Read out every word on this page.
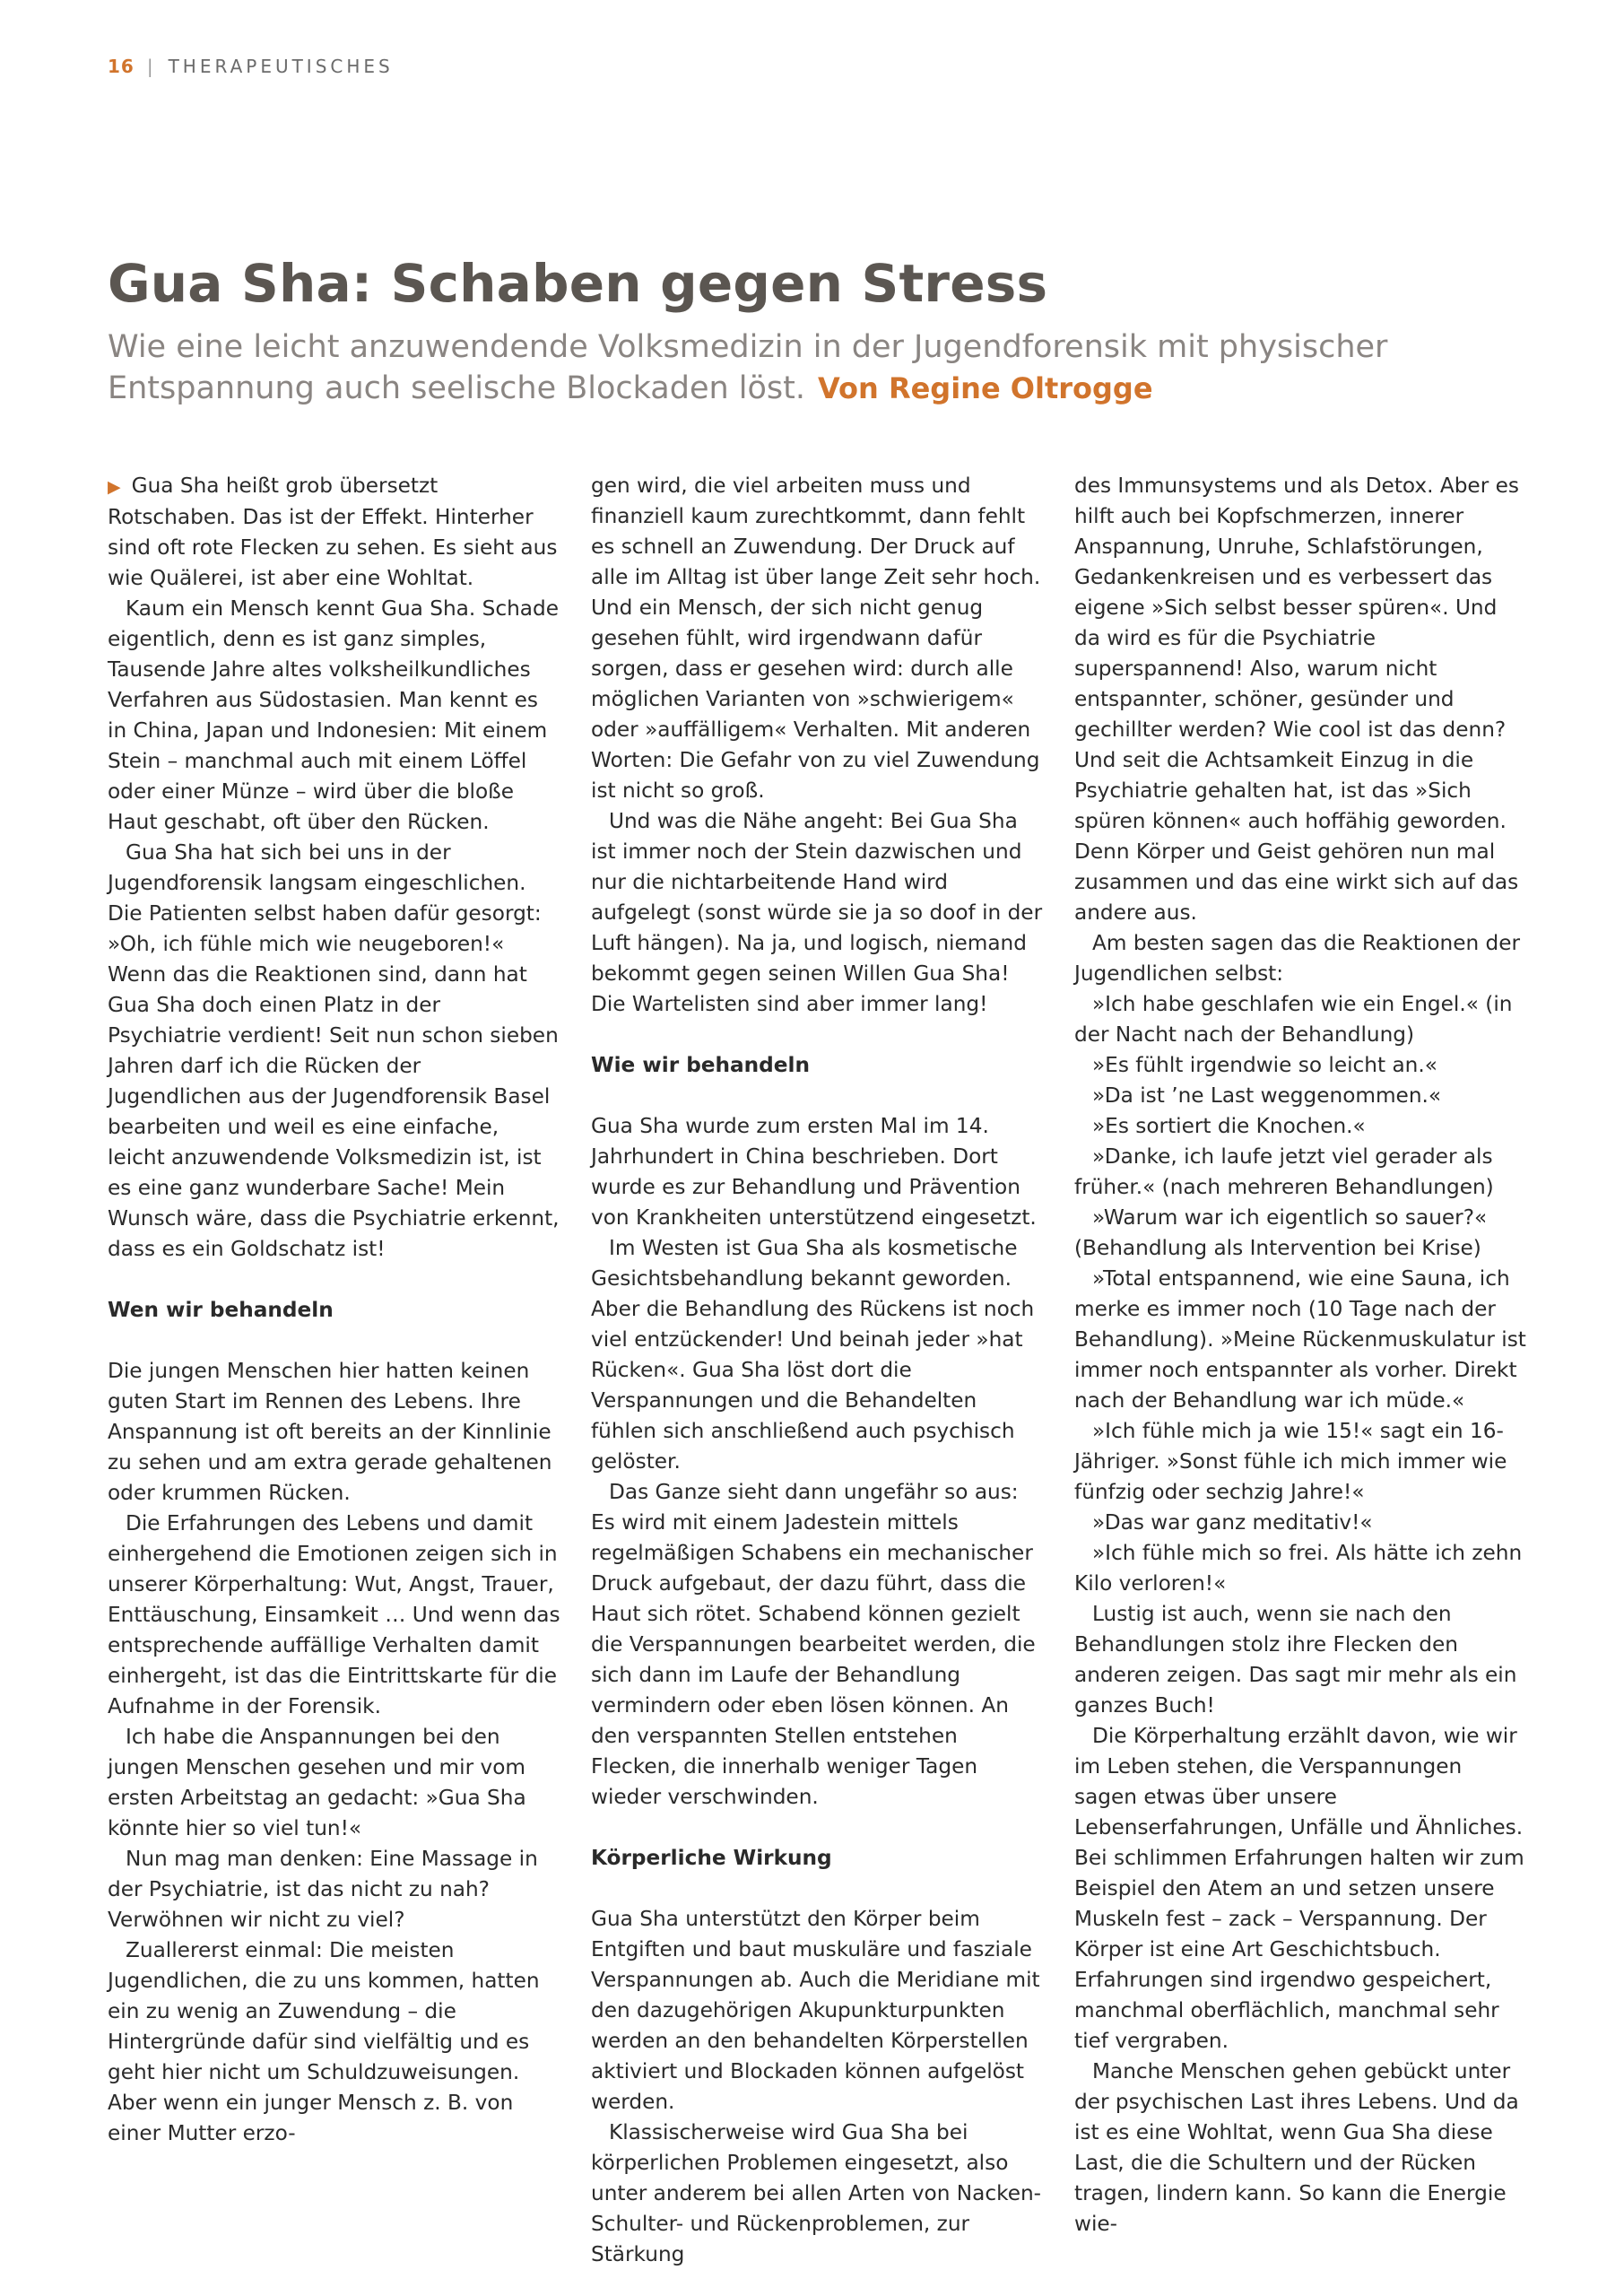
16 | THERAPEUTISCHES
Gua Sha: Schaben gegen Stress

Wie eine leicht anzuwendende Volksmedizin in der Jugendforensik mit physischer Entspannung auch seelische Blockaden löst. Von Regine Oltrogge

▶ Gua Sha heißt grob übersetzt Rotschaben. Das ist der Effekt. Hinterher sind oft rote Flecken zu sehen. Es sieht aus wie Quälerei, ist aber eine Wohltat.

Kaum ein Mensch kennt Gua Sha. Schade eigentlich, denn es ist ganz simples, Tausende Jahre altes volksheilkundliches Verfahren aus Südostasien. Man kennt es in China, Japan und Indonesien: Mit einem Stein – manchmal auch mit einem Löffel oder einer Münze – wird über die bloße Haut geschabt, oft über den Rücken.

Gua Sha hat sich bei uns in der Jugendforensik langsam eingeschlichen. Die Patienten selbst haben dafür gesorgt: »Oh, ich fühle mich wie neugeboren!« Wenn das die Reaktionen sind, dann hat Gua Sha doch einen Platz in der Psychiatrie verdient! Seit nun schon sieben Jahren darf ich die Rücken der Jugendlichen aus der Jugendforensik Basel bearbeiten und weil es eine einfache, leicht anzuwendende Volksmedizin ist, ist es eine ganz wunderbare Sache! Mein Wunsch wäre, dass die Psychiatrie erkennt, dass es ein Goldschatz ist!

Wen wir behandeln

Die jungen Menschen hier hatten keinen guten Start im Rennen des Lebens. Ihre Anspannung ist oft bereits an der Kinnlinie zu sehen und am extra gerade gehaltenen oder krummen Rücken.

Die Erfahrungen des Lebens und damit einhergehend die Emotionen zeigen sich in unserer Körperhaltung: Wut, Angst, Trauer, Enttäuschung, Einsamkeit … Und wenn das entsprechende auffällige Verhalten damit einhergeht, ist das die Eintrittskarte für die Aufnahme in der Forensik.

Ich habe die Anspannungen bei den jungen Menschen gesehen und mir vom ersten Arbeitstag an gedacht: »Gua Sha könnte hier so viel tun!«

Nun mag man denken: Eine Massage in der Psychiatrie, ist das nicht zu nah? Verwöhnen wir nicht zu viel?

Zuallererst einmal: Die meisten Jugendlichen, die zu uns kommen, hatten ein zu wenig an Zuwendung – die Hintergründe dafür sind vielfältig und es geht hier nicht um Schuldzuweisungen. Aber wenn ein junger Mensch z. B. von einer Mutter erzo-

gen wird, die viel arbeiten muss und finanziell kaum zurechtkommt, dann fehlt es schnell an Zuwendung. Der Druck auf alle im Alltag ist über lange Zeit sehr hoch. Und ein Mensch, der sich nicht genug gesehen fühlt, wird irgendwann dafür sorgen, dass er gesehen wird: durch alle möglichen Varianten von »schwierigem« oder »auffälligem« Verhalten. Mit anderen Worten: Die Gefahr von zu viel Zuwendung ist nicht so groß.

Und was die Nähe angeht: Bei Gua Sha ist immer noch der Stein dazwischen und nur die nichtarbeitende Hand wird aufgelegt (sonst würde sie ja so doof in der Luft hängen). Na ja, und logisch, niemand bekommt gegen seinen Willen Gua Sha! Die Wartelisten sind aber immer lang!

Wie wir behandeln

Gua Sha wurde zum ersten Mal im 14. Jahrhundert in China beschrieben. Dort wurde es zur Behandlung und Prävention von Krankheiten unterstützend eingesetzt.

Im Westen ist Gua Sha als kosmetische Gesichtsbehandlung bekannt geworden. Aber die Behandlung des Rückens ist noch viel entzückender! Und beinah jeder »hat Rücken«. Gua Sha löst dort die Verspannungen und die Behandelten fühlen sich anschließend auch psychisch gelöster.

Das Ganze sieht dann ungefähr so aus: Es wird mit einem Jadestein mittels regelmäßigen Schabens ein mechanischer Druck aufgebaut, der dazu führt, dass die Haut sich rötet. Schabend können gezielt die Verspannungen bearbeitet werden, die sich dann im Laufe der Behandlung vermindern oder eben lösen können. An den verspannten Stellen entstehen Flecken, die innerhalb weniger Tagen wieder verschwinden.

Körperliche Wirkung

Gua Sha unterstützt den Körper beim Entgiften und baut muskuläre und fasziale Verspannungen ab. Auch die Meridiane mit den dazugehörigen Akupunkturpunkten werden an den behandelten Körperstellen aktiviert und Blockaden können aufgelöst werden.

Klassischerweise wird Gua Sha bei körperlichen Problemen eingesetzt, also unter anderem bei allen Arten von Nacken-Schulter- und Rückenproblemen, zur Stärkung

des Immunsystems und als Detox. Aber es hilft auch bei Kopfschmerzen, innerer Anspannung, Unruhe, Schlafstörungen, Gedankenkreisen und es verbessert das eigene »Sich selbst besser spüren«. Und da wird es für die Psychiatrie superspannend! Also, warum nicht entspannter, schöner, gesünder und gechillter werden? Wie cool ist das denn? Und seit die Achtsamkeit Einzug in die Psychiatrie gehalten hat, ist das »Sich spüren können« auch hoffähig geworden. Denn Körper und Geist gehören nun mal zusammen und das eine wirkt sich auf das andere aus.

Am besten sagen das die Reaktionen der Jugendlichen selbst:

»Ich habe geschlafen wie ein Engel.« (in der Nacht nach der Behandlung)

»Es fühlt irgendwie so leicht an.«

»Da ist ’ne Last weggenommen.«

»Es sortiert die Knochen.«

»Danke, ich laufe jetzt viel gerader als früher.« (nach mehreren Behandlungen)

»Warum war ich eigentlich so sauer?« (Behandlung als Intervention bei Krise)

»Total entspannend, wie eine Sauna, ich merke es immer noch (10 Tage nach der Behandlung). »Meine Rückenmuskulatur ist immer noch entspannter als vorher. Direkt nach der Behandlung war ich müde.«

»Ich fühle mich ja wie 15!« sagt ein 16-Jähriger. »Sonst fühle ich mich immer wie fünfzig oder sechzig Jahre!«

»Das war ganz meditativ!«

»Ich fühle mich so frei. Als hätte ich zehn Kilo verloren!«

Lustig ist auch, wenn sie nach den Behandlungen stolz ihre Flecken den anderen zeigen. Das sagt mir mehr als ein ganzes Buch!

Die Körperhaltung erzählt davon, wie wir im Leben stehen, die Verspannungen sagen etwas über unsere Lebenserfahrungen, Unfälle und Ähnliches. Bei schlimmen Erfahrungen halten wir zum Beispiel den Atem an und setzen unsere Muskeln fest – zack – Verspannung. Der Körper ist eine Art Geschichtsbuch. Erfahrungen sind irgendwo gespeichert, manchmal oberflächlich, manchmal sehr tief vergraben.

Manche Menschen gehen gebückt unter der psychischen Last ihres Lebens. Und da ist es eine Wohltat, wenn Gua Sha diese Last, die die Schultern und der Rücken tragen, lindern kann. So kann die Energie wie-
